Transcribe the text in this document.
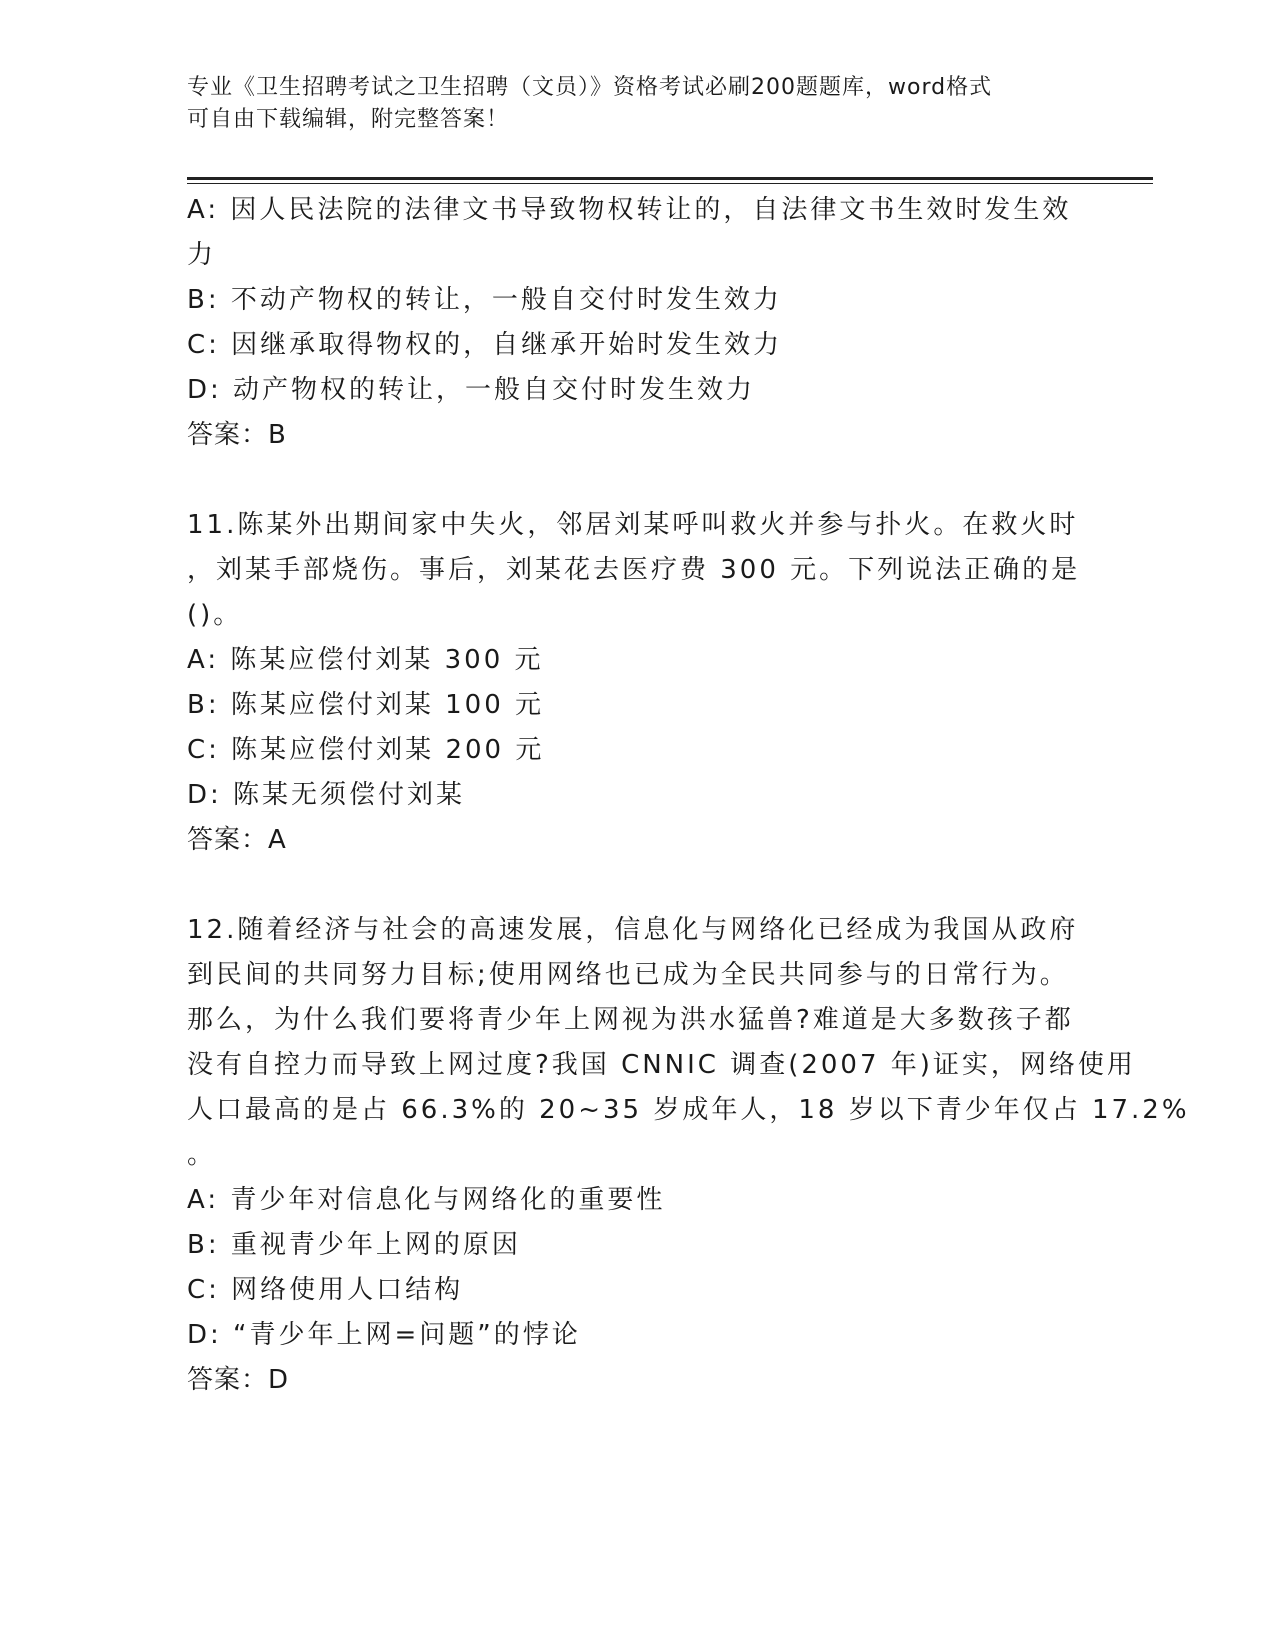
专业《卫生招聘考试之卫生招聘（文员）》资格考试必刷200题题库，word格式
可自由下载编辑，附完整答案！
A: 因人民法院的法律文书导致物权转让的，自法律文书生效时发生效
力
B: 不动产物权的转让，一般自交付时发生效力
C: 因继承取得物权的，自继承开始时发生效力
D: 动产物权的转让，一般自交付时发生效力
答案：B
11.陈某外出期间家中失火，邻居刘某呼叫救火并参与扑火。在救火时
，刘某手部烧伤。事后，刘某花去医疗费 300 元。下列说法正确的是
()。
A: 陈某应偿付刘某 300 元
B: 陈某应偿付刘某 100 元
C: 陈某应偿付刘某 200 元
D: 陈某无须偿付刘某
答案：A
12.随着经济与社会的高速发展，信息化与网络化已经成为我国从政府
到民间的共同努力目标;使用网络也已成为全民共同参与的日常行为。
那么，为什么我们要将青少年上网视为洪水猛兽?难道是大多数孩子都
没有自控力而导致上网过度?我国 CNNIC 调查(2007 年)证实，网络使用
人口最高的是占 66.3%的 20~35 岁成年人，18 岁以下青少年仅占 17.2%
。
A: 青少年对信息化与网络化的重要性
B: 重视青少年上网的原因
C: 网络使用人口结构
D: “青少年上网=问题”的悖论
答案：D
